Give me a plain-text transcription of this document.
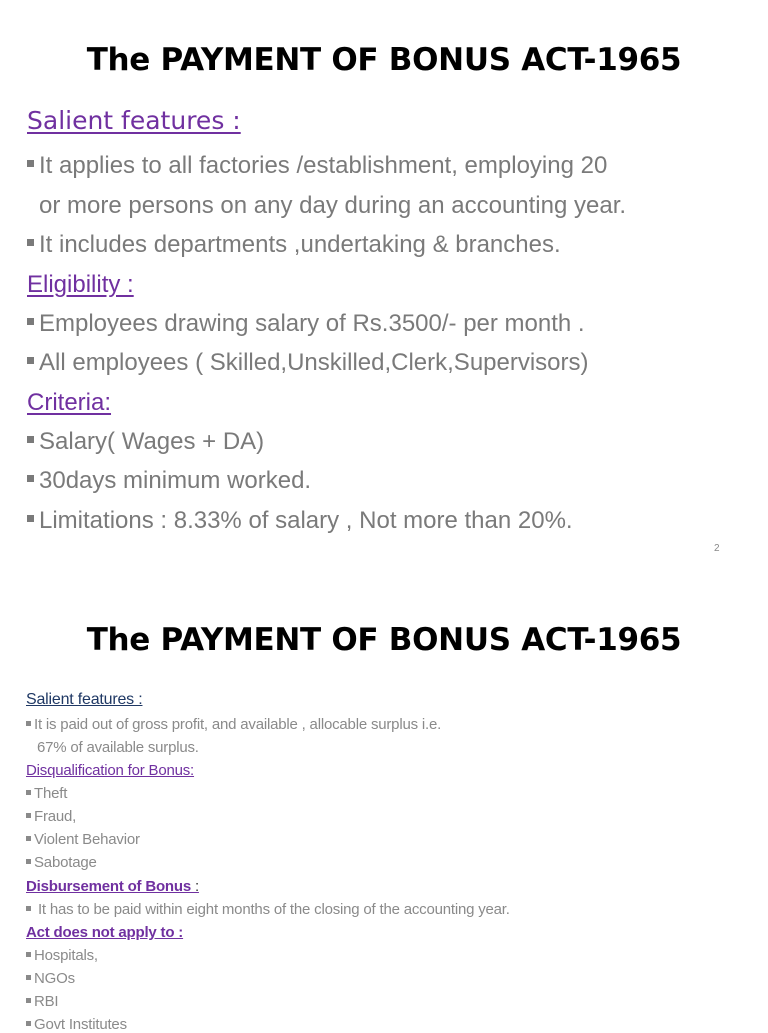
The PAYMENT OF BONUS ACT-1965
Salient features :
It applies to all factories /establishment, employing 20
or more persons on any day during an accounting year.
It includes departments ,undertaking & branches.
Eligibility :
Employees drawing salary of Rs.3500/- per month .
All employees ( Skilled,Unskilled,Clerk,Supervisors)
Criteria:
Salary( Wages + DA)
30days minimum worked.
Limitations : 8.33% of salary , Not more than 20%.
2
The PAYMENT OF BONUS ACT-1965
Salient features :
It is paid out of gross profit, and available , allocable surplus i.e.
67% of available surplus.
Disqualification for Bonus:
Theft
Fraud,
Violent Behavior
Sabotage
Disbursement of Bonus :
It has to be paid within eight months of the closing of the accounting year.
Act does not apply to :
Hospitals,
NGOs
RBI
Govt Institutes
